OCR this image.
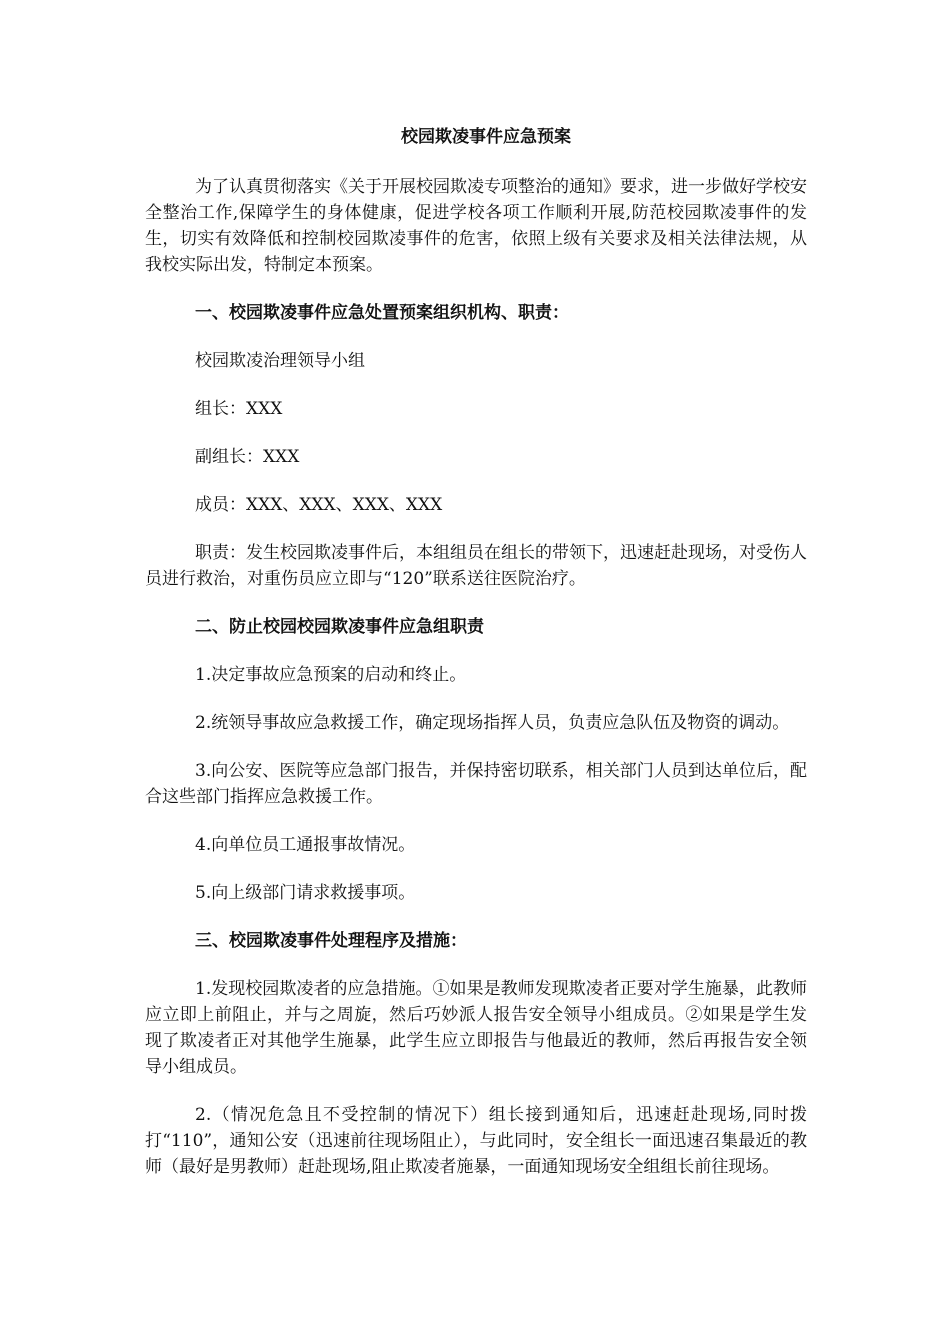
校园欺凌事件应急预案

为了认真贯彻落实《关于开展校园欺凌专项整治的通知》要求，进一步做好学校安全整治工作,保障学生的身体健康，促进学校各项工作顺利开展,防范校园欺凌事件的发生，切实有效降低和控制校园欺凌事件的危害，依照上级有关要求及相关法律法规，从我校实际出发，特制定本预案。

一、校园欺凌事件应急处置预案组织机构、职责：

校园欺凌治理领导小组

组长：XXX

副组长：XXX

成员：XXX、XXX、XXX、XXX

职责：发生校园欺凌事件后，本组组员在组长的带领下，迅速赶赴现场，对受伤人员进行救治，对重伤员应立即与“120”联系送往医院治疗。

二、防止校园校园欺凌事件应急组职责

1.决定事故应急预案的启动和终止。

2.统领导事故应急救援工作，确定现场指挥人员，负责应急队伍及物资的调动。

3.向公安、医院等应急部门报告，并保持密切联系，相关部门人员到达单位后，配合这些部门指挥应急救援工作。

4.向单位员工通报事故情况。

5.向上级部门请求救援事项。

三、校园欺凌事件处理程序及措施：

1.发现校园欺凌者的应急措施。①如果是教师发现欺凌者正要对学生施暴，此教师应立即上前阻止，并与之周旋，然后巧妙派人报告安全领导小组成员。②如果是学生发现了欺凌者正对其他学生施暴，此学生应立即报告与他最近的教师，然后再报告安全领导小组成员。

2.（情况危急且不受控制的情况下）组长接到通知后，迅速赶赴现场,同时拨打“110”，通知公安（迅速前往现场阻止），与此同时，安全组长一面迅速召集最近的教师（最好是男教师）赶赴现场,阻止欺凌者施暴，一面通知现场安全组组长前往现场。
